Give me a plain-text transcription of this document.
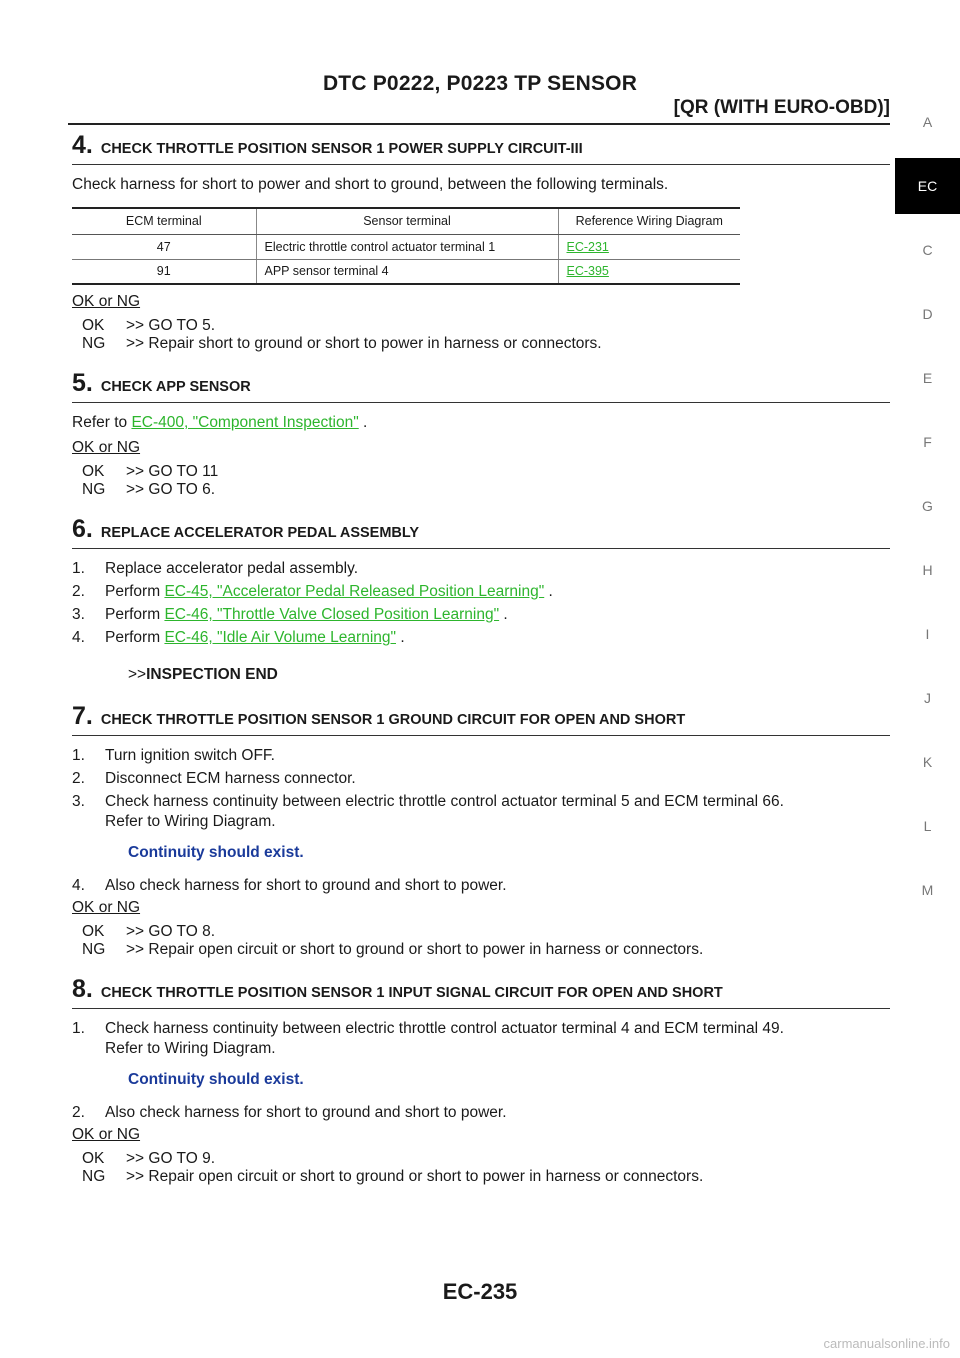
DTC P0222, P0223 TP SENSOR
[QR (WITH EURO-OBD)]
A
EC
C
D
E
F
G
H
I
J
K
L
M
4 . CHECK THROTTLE POSITION SENSOR 1 POWER SUPPLY CIRCUIT-III
Check harness for short to power and short to ground, between the following terminals.
ECM terminal	Sensor terminal	Reference Wiring Diagram
47	Electric throttle control actuator terminal 1	EC-231
91	APP sensor terminal 4	EC-395
OK or NG
OK	>> GO TO 5.
NG	>> Repair short to ground or short to power in harness or connectors.
5 . CHECK APP SENSOR
Refer to EC-400, "Component Inspection" .
OK or NG
OK	>> GO TO 11
NG	>> GO TO 6.
6 . REPLACE ACCELERATOR PEDAL ASSEMBLY
1.	Replace accelerator pedal assembly.
2.	Perform EC-45, "Accelerator Pedal Released Position Learning" .
3.	Perform EC-46, "Throttle Valve Closed Position Learning" .
4.	Perform EC-46, "Idle Air Volume Learning" .
>>INSPECTION END
7 . CHECK THROTTLE POSITION SENSOR 1 GROUND CIRCUIT FOR OPEN AND SHORT
1.	Turn ignition switch OFF.
2.	Disconnect ECM harness connector.
3.	Check harness continuity between electric throttle control actuator terminal 5 and ECM terminal 66.
Refer to Wiring Diagram.
Continuity should exist.
4.	Also check harness for short to ground and short to power.
OK or NG
OK	>> GO TO 8.
NG	>> Repair open circuit or short to ground or short to power in harness or connectors.
8 . CHECK THROTTLE POSITION SENSOR 1 INPUT SIGNAL CIRCUIT FOR OPEN AND SHORT
1.	Check harness continuity between electric throttle control actuator terminal 4 and ECM terminal 49.
Refer to Wiring Diagram.
Continuity should exist.
2.	Also check harness for short to ground and short to power.
OK or NG
OK	>> GO TO 9.
NG	>> Repair open circuit or short to ground or short to power in harness or connectors.
EC-235
carmanualsonline.info
